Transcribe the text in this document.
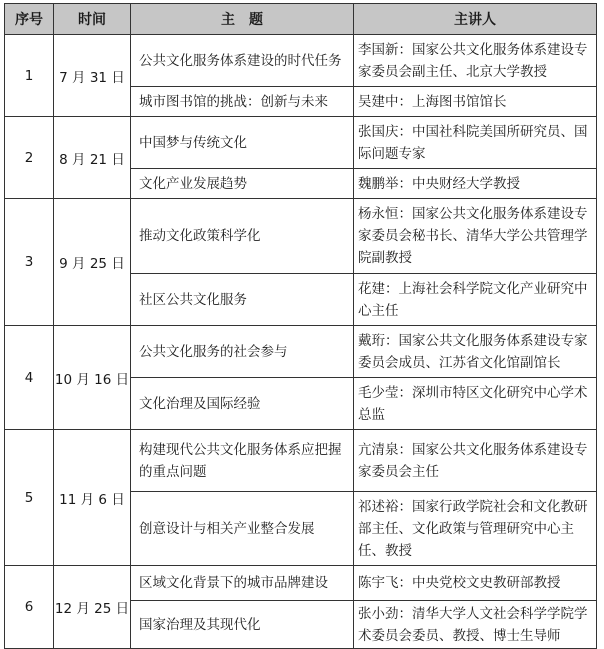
序号	时间	主　题	主讲人
1	7 月 31 日	公共文化服务体系建设的时代任务	李国新：国家公共文化服务体系建设专家委员会副主任、北京大学教授
		城市图书馆的挑战：创新与未来	吴建中：上海图书馆馆长
2	8 月 21 日	中国梦与传统文化	张国庆：中国社科院美国所研究员、国际问题专家
		文化产业发展趋势	魏鹏举：中央财经大学教授
3	9 月 25 日	推动文化政策科学化	杨永恒：国家公共文化服务体系建设专家委员会秘书长、清华大学公共管理学院副教授
		社区公共文化服务	花建：上海社会科学院文化产业研究中心主任
4	10 月 16 日	公共文化服务的社会参与	戴珩：国家公共文化服务体系建设专家委员会成员、江苏省文化馆副馆长
		文化治理及国际经验	毛少莹：深圳市特区文化研究中心学术总监
5	11 月 6 日	构建现代公共文化服务体系应把握的重点问题	亢清泉：国家公共文化服务体系建设专家委员会主任
		创意设计与相关产业整合发展	祁述裕：国家行政学院社会和文化教研部主任、文化政策与管理研究中心主任、教授
6	12 月 25 日	区域文化背景下的城市品牌建设	陈宇飞：中央党校文史教研部教授
		国家治理及其现代化	张小劲：清华大学人文社会科学学院学术委员会委员、教授、博士生导师
